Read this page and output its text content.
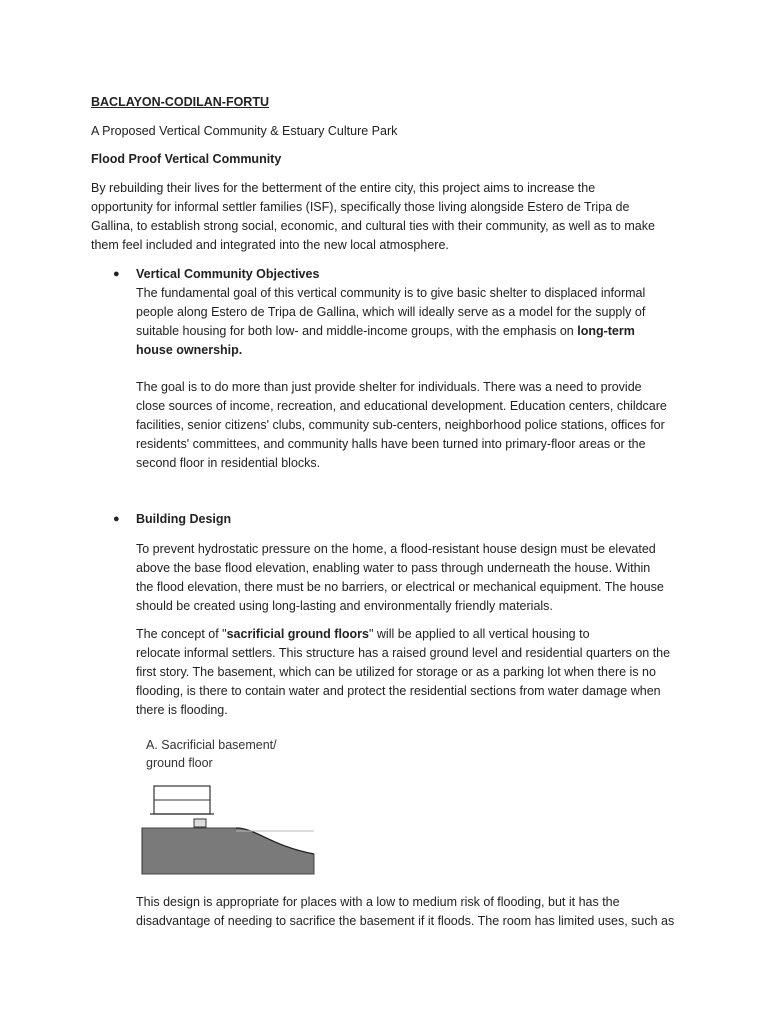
BACLAYON-CODILAN-FORTU

A Proposed Vertical Community & Estuary Culture Park

Flood Proof Vertical Community

By rebuilding their lives for the betterment of the entire city, this project aims to increase the

opportunity for informal settler families (ISF), specifically those living alongside Estero de Tripa de

Gallina, to establish strong social, economic, and cultural ties with their community, as well as to make

them feel included and integrated into the new local atmosphere.

● Vertical Community Objectives

The fundamental goal of this vertical community is to give basic shelter to displaced informal

people along Estero de Tripa de Gallina, which will ideally serve as a model for the supply of

suitable housing for both low- and middle-income groups, with the emphasis on long-term

house ownership.

The goal is to do more than just provide shelter for individuals. There was a need to provide

close sources of income, recreation, and educational development. Education centers, childcare

facilities, senior citizens' clubs, community sub-centers, neighborhood police stations, offices for

residents' committees, and community halls have been turned into primary-floor areas or the

second floor in residential blocks.

● Building Design

To prevent hydrostatic pressure on the home, a flood-resistant house design must be elevated

above the base flood elevation, enabling water to pass through underneath the house. Within

the flood elevation, there must be no barriers, or electrical or mechanical equipment. The house

should be created using long-lasting and environmentally friendly materials.

The concept of "sacrificial ground floors" will be applied to all vertical housing to

relocate informal settlers. This structure has a raised ground level and residential quarters on the

first story. The basement, which can be utilized for storage or as a parking lot when there is no

flooding, is there to contain water and protect the residential sections from water damage when

there is flooding.

A. Sacrificial basement/
ground floor

This design is appropriate for places with a low to medium risk of flooding, but it has the

disadvantage of needing to sacrifice the basement if it floods. The room has limited uses, such as
